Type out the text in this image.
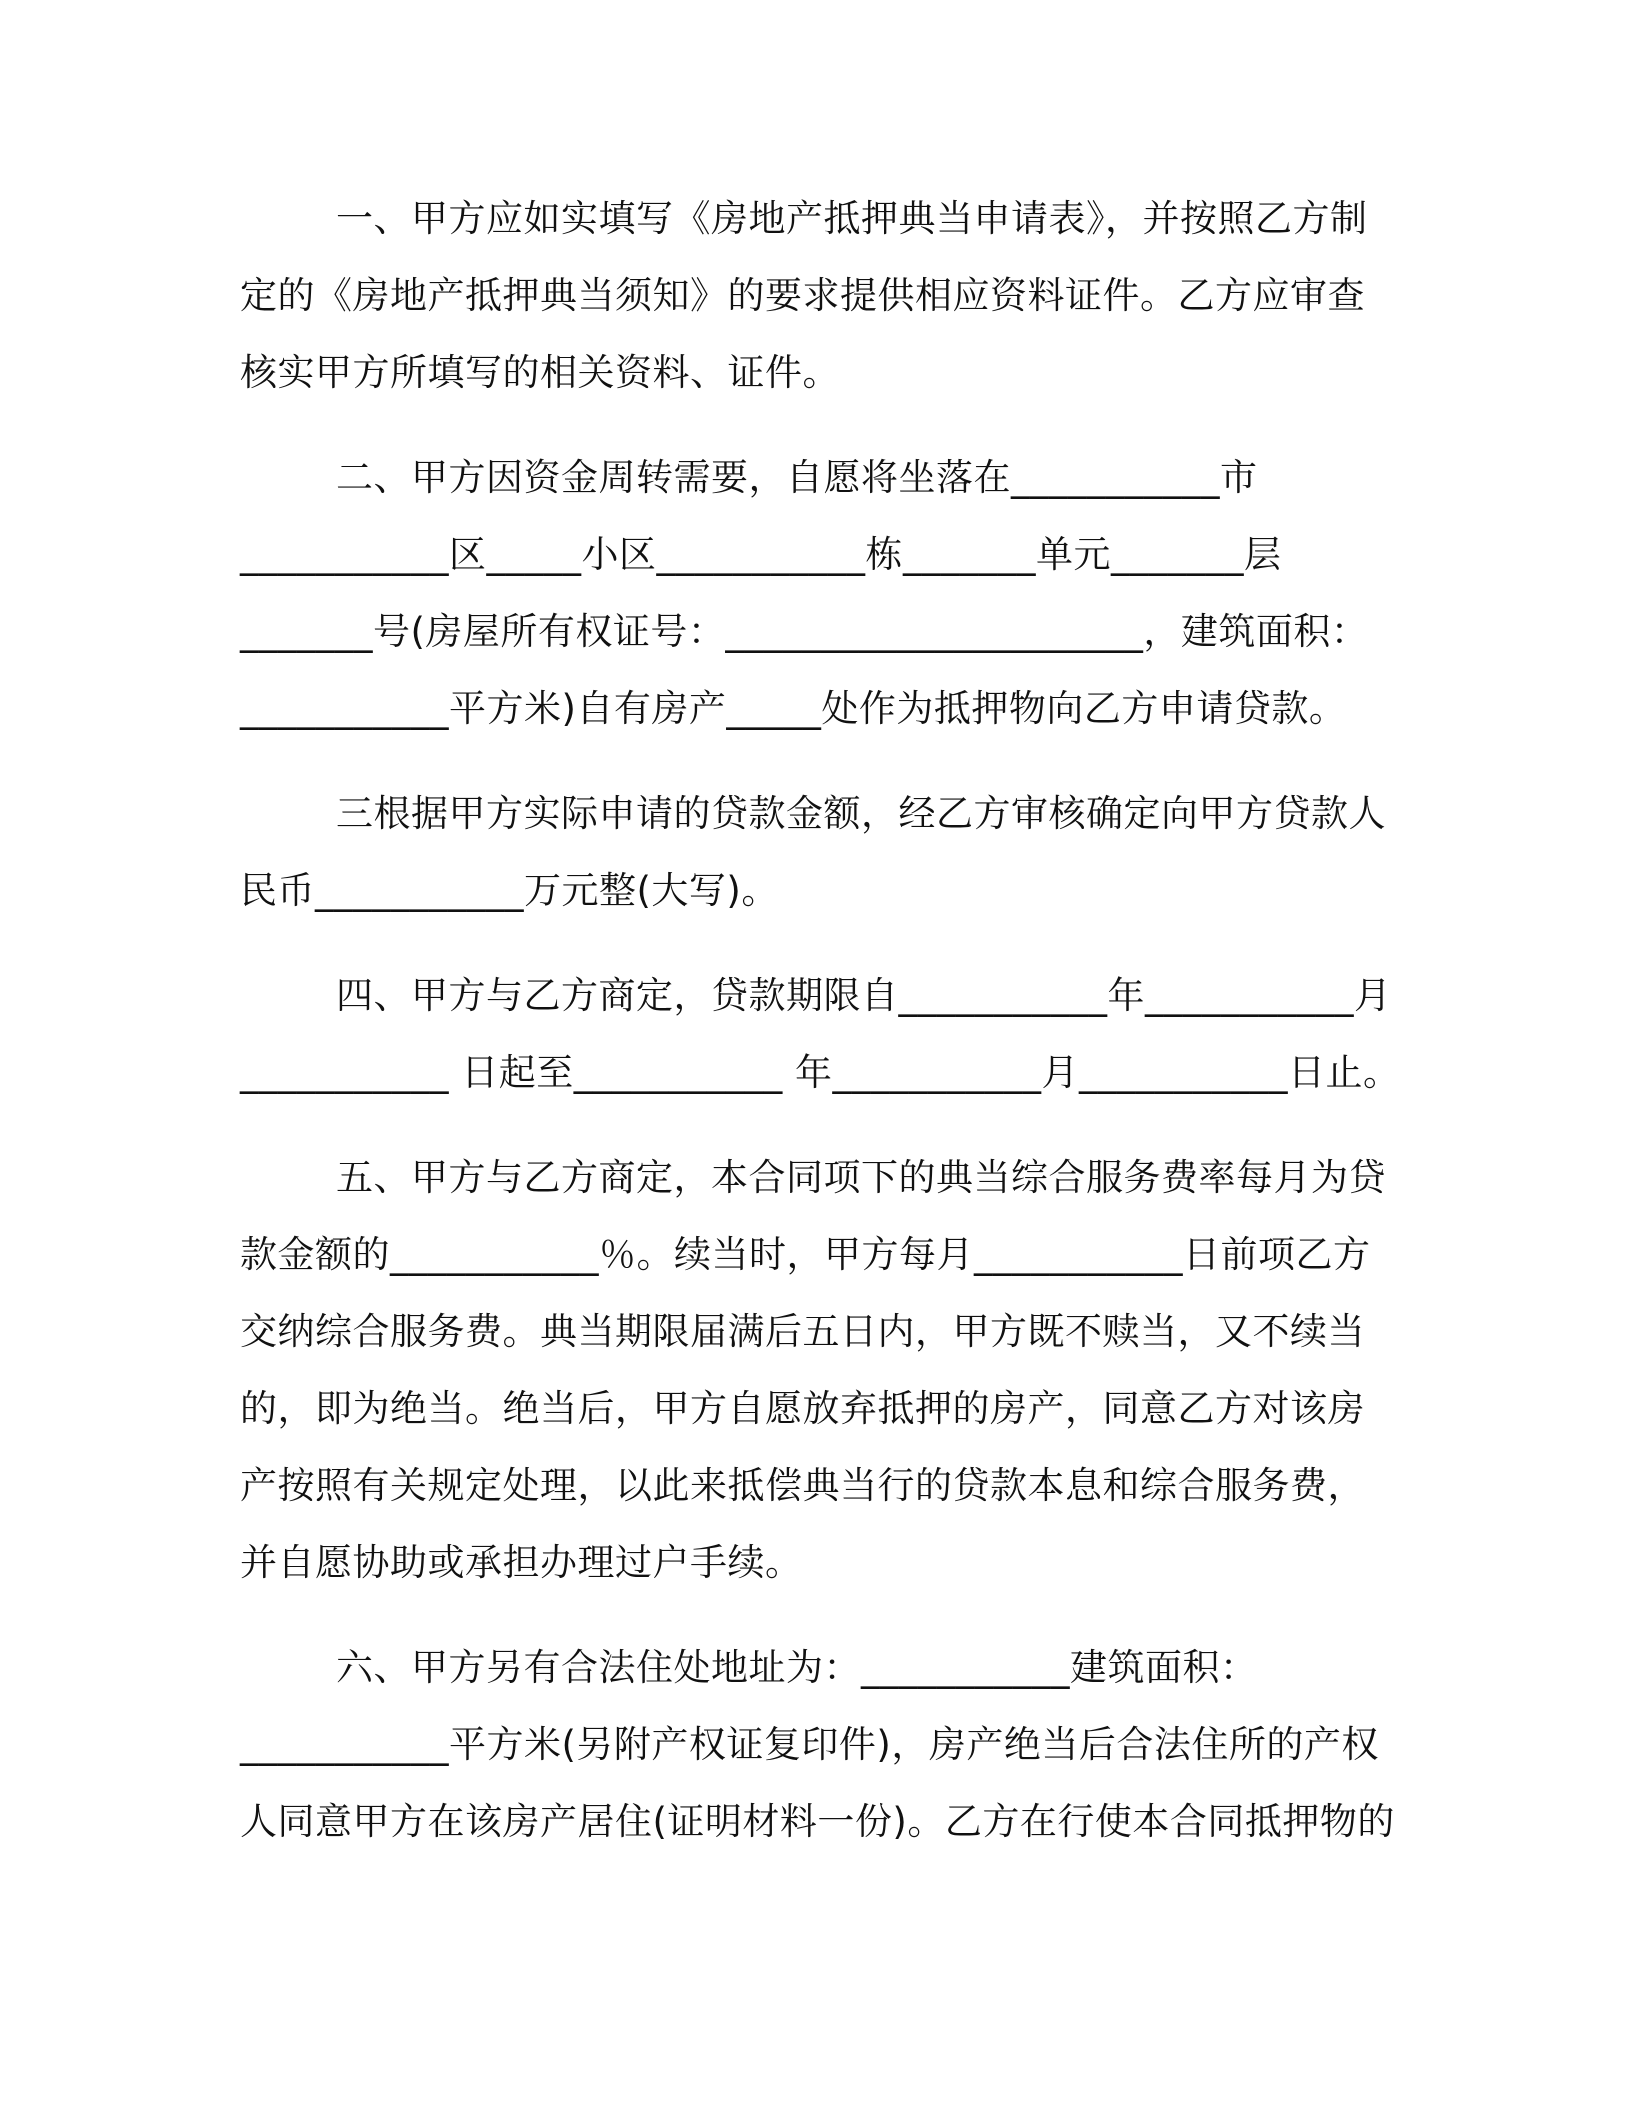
一、甲方应如实填写《房地产抵押典当申请表》，并按照乙方制
定的《房地产抵押典当须知》的要求提供相应资料证件。乙方应审查
核实甲方所填写的相关资料、证件。
二、甲方因资金周转需要，自愿将坐落在___________市
___________区_____小区___________栋_______单元_______层
_______号(房屋所有权证号：______________________，建筑面积：
___________平方米)自有房产_____处作为抵押物向乙方申请贷款。
三根据甲方实际申请的贷款金额，经乙方审核确定向甲方贷款人
民币___________万元整(大写)。
四、甲方与乙方商定，贷款期限自___________年___________月
___________ 日起至___________ 年___________月___________日止。
五、甲方与乙方商定，本合同项下的典当综合服务费率每月为贷
款金额的___________％。续当时，甲方每月___________日前项乙方
交纳综合服务费。典当期限届满后五日内，甲方既不赎当，又不续当
的，即为绝当。绝当后，甲方自愿放弃抵押的房产，同意乙方对该房
产按照有关规定处理，以此来抵偿典当行的贷款本息和综合服务费，
并自愿协助或承担办理过户手续。
六、甲方另有合法住处地址为：___________建筑面积：
___________平方米(另附产权证复印件)，房产绝当后合法住所的产权
人同意甲方在该房产居住(证明材料一份)。乙方在行使本合同抵押物的
